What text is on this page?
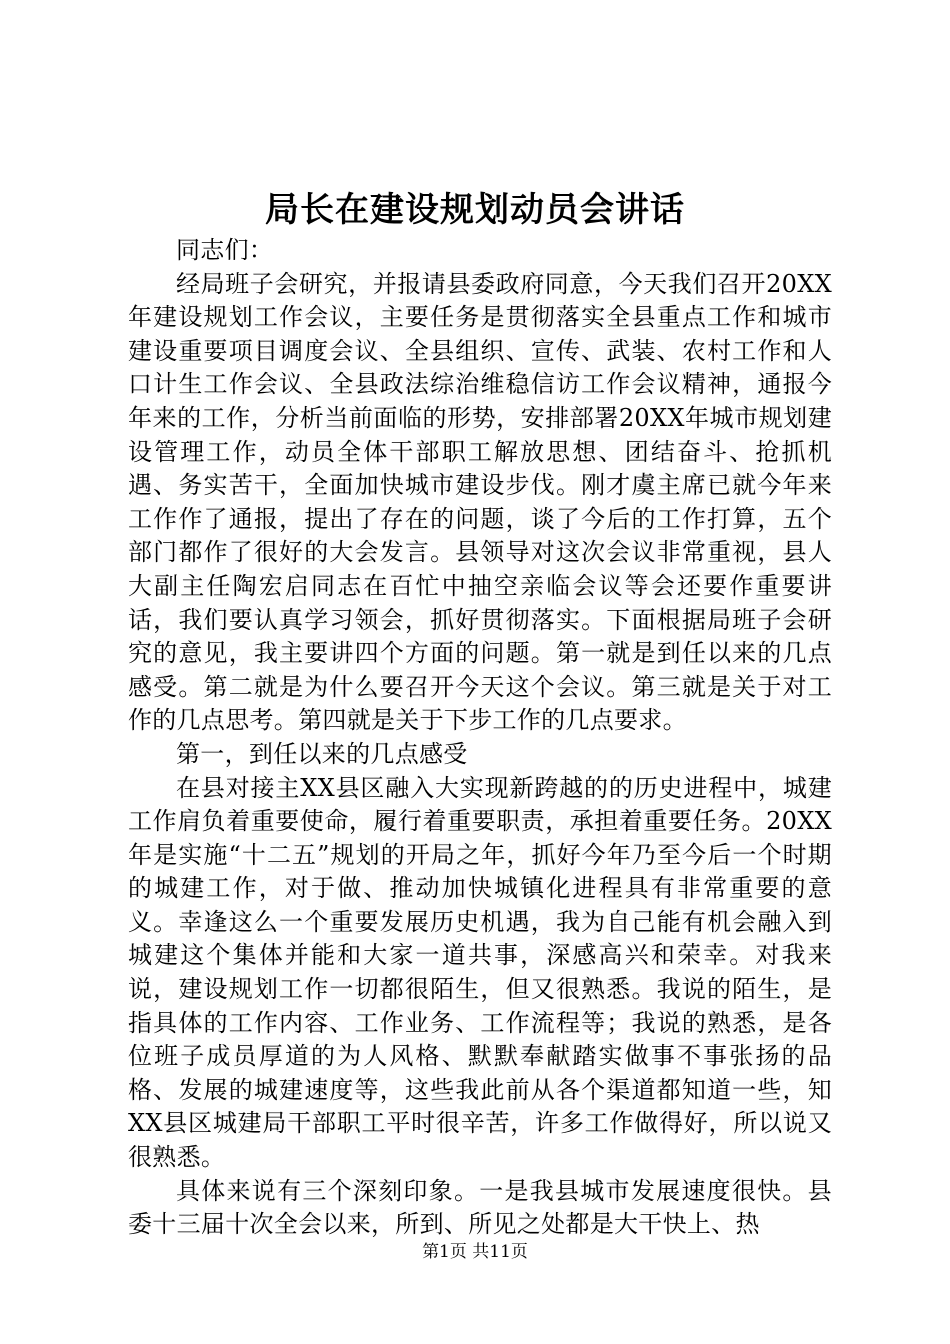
局长在建设规划动员会讲话

同志们：

经局班子会研究，并报请县委政府同意，今天我们召开20XX年建设规划工作会议，主要任务是贯彻落实全县重点工作和城市建设重要项目调度会议、全县组织、宣传、武装、农村工作和人口计生工作会议、全县政法综治维稳信访工作会议精神，通报今年来的工作，分析当前面临的形势，安排部署20XX年城市规划建设管理工作，动员全体干部职工解放思想、团结奋斗、抢抓机遇、务实苦干，全面加快城市建设步伐。刚才虞主席已就今年来工作作了通报，提出了存在的问题，谈了今后的工作打算，五个部门都作了很好的大会发言。县领导对这次会议非常重视，县人大副主任陶宏启同志在百忙中抽空亲临会议等会还要作重要讲话，我们要认真学习领会，抓好贯彻落实。下面根据局班子会研究的意见，我主要讲四个方面的问题。第一就是到任以来的几点感受。第二就是为什么要召开今天这个会议。第三就是关于对工作的几点思考。第四就是关于下步工作的几点要求。

第一，到任以来的几点感受

在县对接主XX县区融入大实现新跨越的的历史进程中，城建工作肩负着重要使命，履行着重要职责，承担着重要任务。20XX年是实施“十二五”规划的开局之年，抓好今年乃至今后一个时期的城建工作，对于做、推动加快城镇化进程具有非常重要的意义。幸逢这么一个重要发展历史机遇，我为自己能有机会融入到城建这个集体并能和大家一道共事，深感高兴和荣幸。对我来说，建设规划工作一切都很陌生，但又很熟悉。我说的陌生，是指具体的工作内容、工作业务、工作流程等；我说的熟悉，是各位班子成员厚道的为人风格、默默奉献踏实做事不事张扬的品格、发展的城建速度等，这些我此前从各个渠道都知道一些，知XX县区城建局干部职工平时很辛苦，许多工作做得好，所以说又很熟悉。

具体来说有三个深刻印象。一是我县城市发展速度很快。县委十三届十次全会以来，所到、所见之处都是大干快上、热

第1页 共11页
